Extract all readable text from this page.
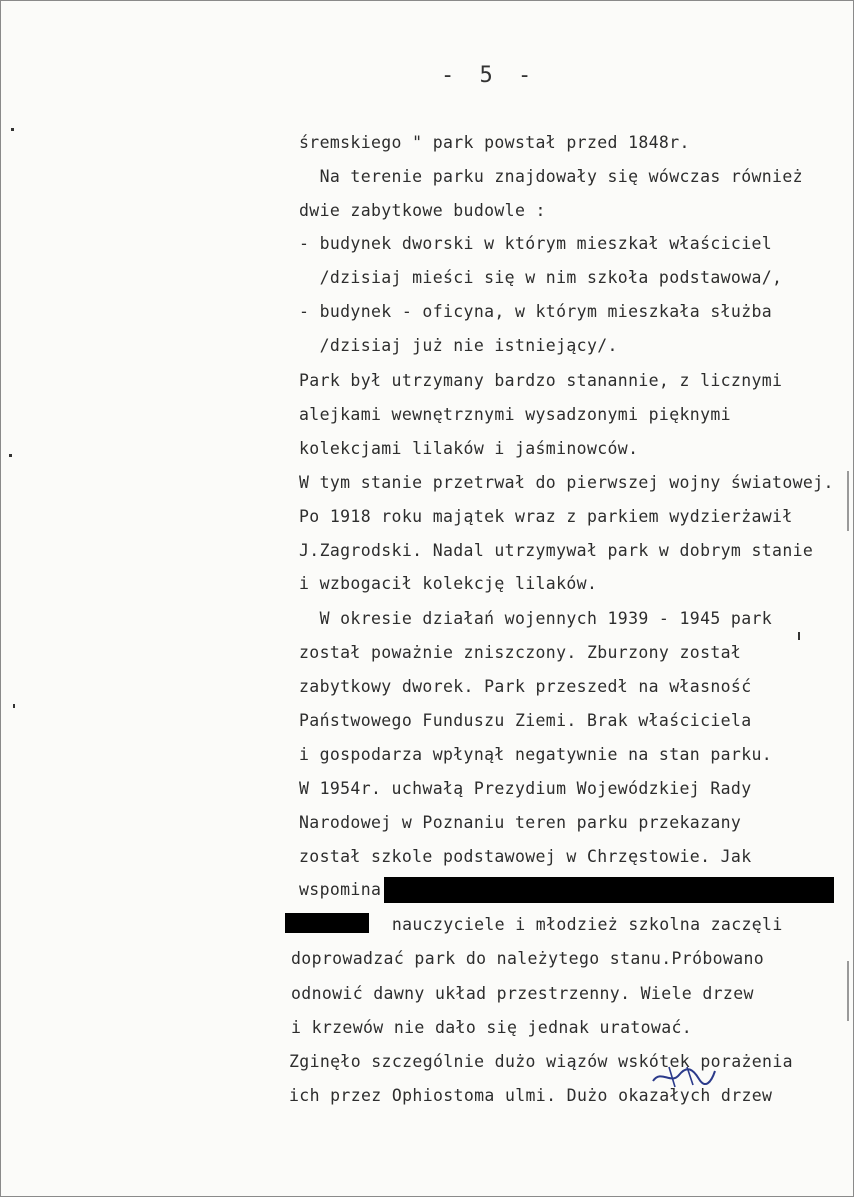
- 5 -
śremskiego " park powstał przed 1848r.
Na terenie parku znajdowały się wówczas również
dwie zabytkowe budowle :
- budynek dworski w którym mieszkał właściciel
/dzisiaj mieści się w nim szkoła podstawowa/,
- budynek - oficyna, w którym mieszkała służba
/dzisiaj już nie istniejący/.
Park był utrzymany bardzo stanannie, z licznymi
alejkami wewnętrznymi wysadzonymi pięknymi
kolekcjami lilaków i jaśminowców.
W tym stanie przetrwał do pierwszej wojny światowej.
Po 1918 roku majątek wraz z parkiem wydzierżawił
J.Zagrodski. Nadal utrzymywał park w dobrym stanie
i wzbogacił kolekcję lilaków.
W okresie działań wojennych 1939 - 1945 park
został poważnie zniszczony. Zburzony został
zabytkowy dworek. Park przeszedł na własność
Państwowego Funduszu Ziemi. Brak właściciela
i gospodarza wpłynął negatywnie na stan parku.
W 1954r. uchwałą Prezydium Wojewódzkiej Rady
Narodowej w Poznaniu teren parku przekazany
został szkole podstawowej w Chrzęstowie. Jak
wspomina
nauczyciele i młodzież szkolna zaczęli
doprowadzać park do należytego stanu.Próbowano
odnowić dawny układ przestrzenny. Wiele drzew
i krzewów nie dało się jednak uratować.
Zginęło szczególnie dużo wiązów wskótek porażenia
ich przez Ophiostoma ulmi. Dużo okazałych drzew
